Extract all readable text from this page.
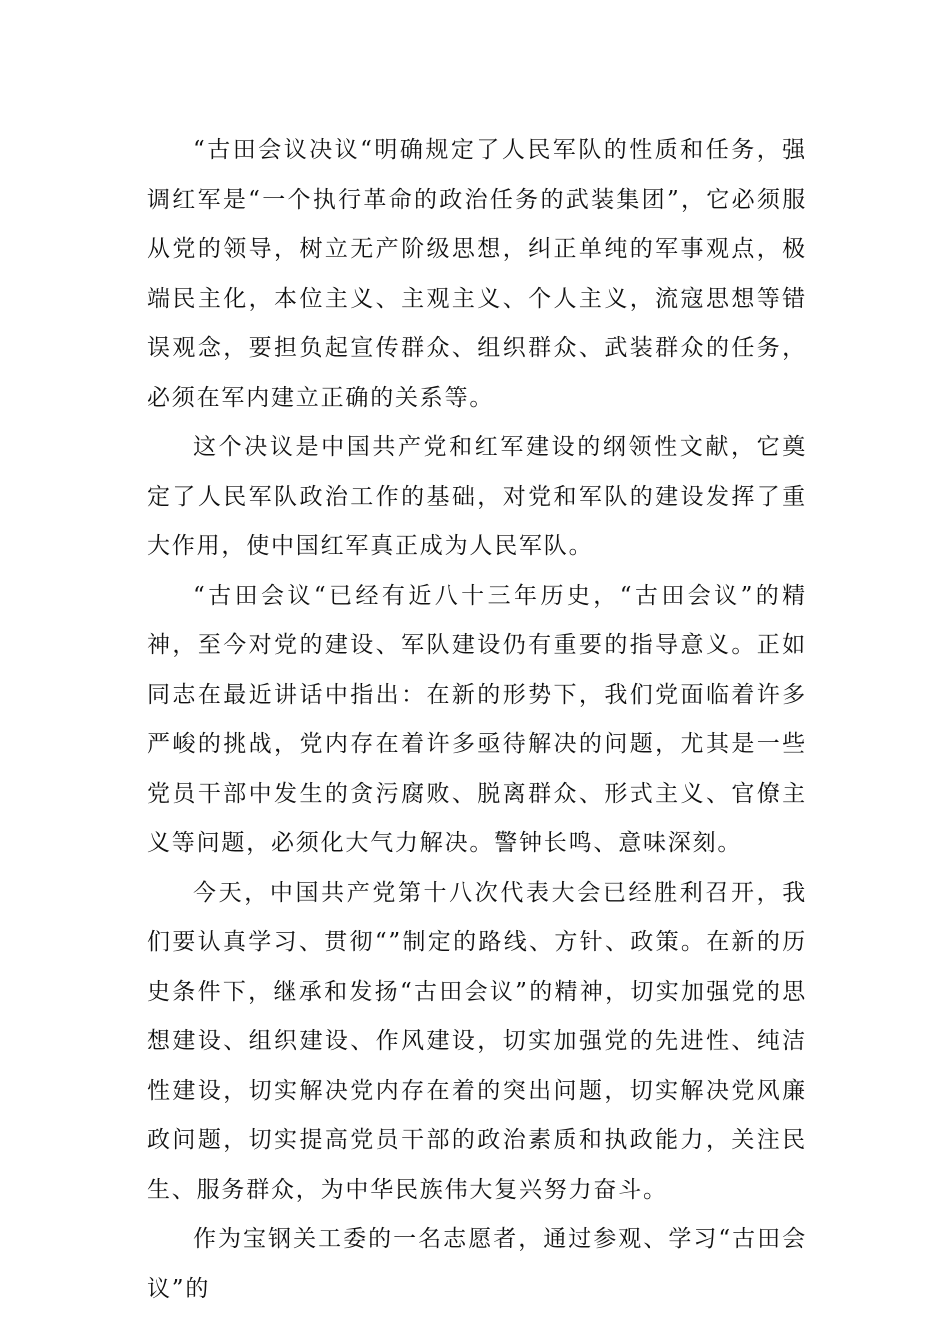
“古田会议决议“明确规定了人民军队的性质和任务，强调红军是“一个执行革命的政治任务的武装集团”，它必须服从党的领导，树立无产阶级思想，纠正单纯的军事观点，极端民主化，本位主义、主观主义、个人主义，流寇思想等错误观念，要担负起宣传群众、组织群众、武装群众的任务，必须在军内建立正确的关系等。

这个决议是中国共产党和红军建设的纲领性文献，它奠定了人民军队政治工作的基础，对党和军队的建设发挥了重大作用，使中国红军真正成为人民军队。

“古田会议“已经有近八十三年历史，“古田会议”的精神，至今对党的建设、军队建设仍有重要的指导意义。正如同志在最近讲话中指出：在新的形势下，我们党面临着许多严峻的挑战，党内存在着许多亟待解决的问题，尤其是一些党员干部中发生的贪污腐败、脱离群众、形式主义、官僚主义等问题，必须化大气力解决。警钟长鸣、意味深刻。

今天，中国共产党第十八次代表大会已经胜利召开，我们要认真学习、贯彻“”制定的路线、方针、政策。在新的历史条件下，继承和发扬“古田会议”的精神，切实加强党的思想建设、组织建设、作风建设，切实加强党的先进性、纯洁性建设，切实解决党内存在着的突出问题，切实解决党风廉政问题，切实提高党员干部的政治素质和执政能力，关注民生、服务群众，为中华民族伟大复兴努力奋斗。

作为宝钢关工委的一名志愿者，通过参观、学习“古田会议”的
